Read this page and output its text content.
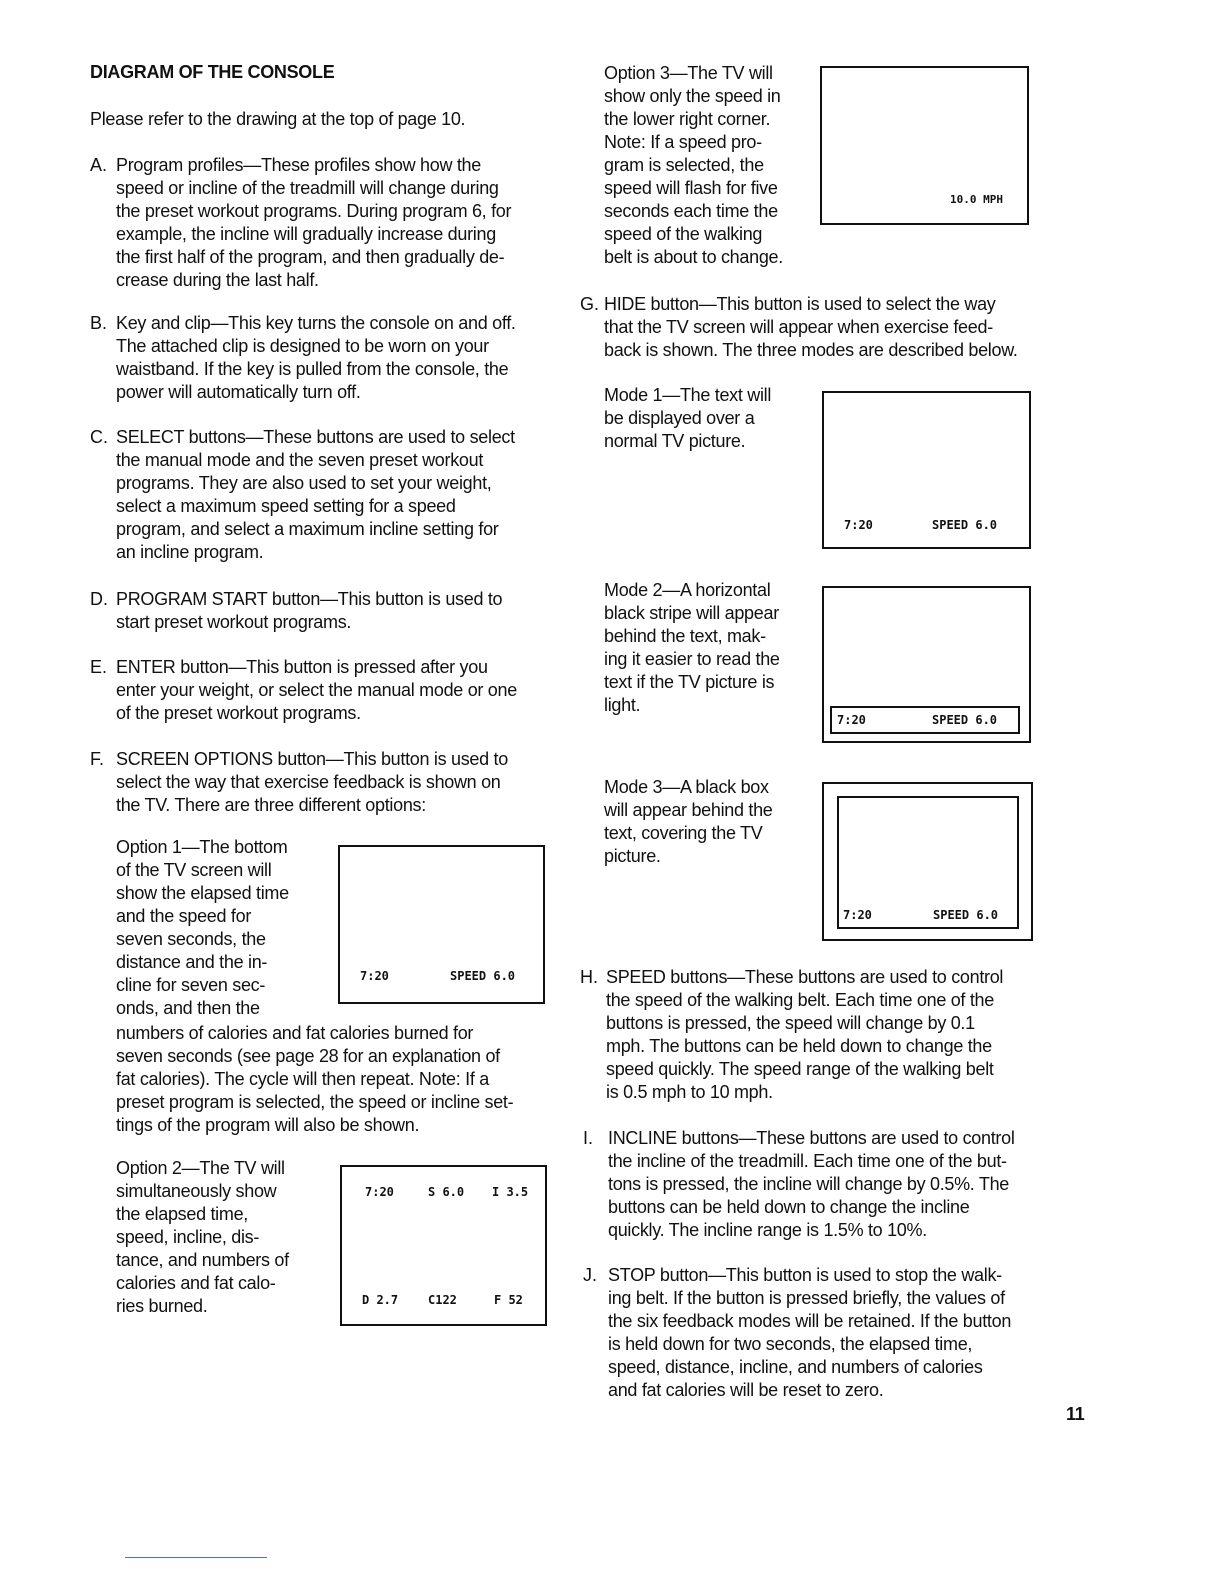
DIAGRAM OF THE CONSOLE
Please refer to the drawing at the top of page 10.
A. Program profiles—These profiles show how the
speed or incline of the treadmill will change during
the preset workout programs. During program 6, for
example, the incline will gradually increase during
the first half of the program, and then gradually de-
crease during the last half.
B. Key and clip—This key turns the console on and off.
The attached clip is designed to be worn on your
waistband. If the key is pulled from the console, the
power will automatically turn off.
C. SELECT buttons—These buttons are used to select
the manual mode and the seven preset workout
programs. They are also used to set your weight,
select a maximum speed setting for a speed
program, and select a maximum incline setting for
an incline program.
D. PROGRAM START button—This button is used to
start preset workout programs.
E. ENTER button—This button is pressed after you
enter your weight, or select the manual mode or one
of the preset workout programs.
F. SCREEN OPTIONS button—This button is used to
select the way that exercise feedback is shown on
the TV. There are three different options:
Option 1—The bottom
of the TV screen will
show the elapsed time
and the speed for
seven seconds, the
distance and the in-
cline for seven sec-
onds, and then the
numbers of calories and fat calories burned for
seven seconds (see page 28 for an explanation of
fat calories). The cycle will then repeat. Note: If a
preset program is selected, the speed or incline set-
tings of the program will also be shown.
7:20	SPEED 6.0
Option 2—The TV will
simultaneously show
the elapsed time,
speed, incline, dis-
tance, and numbers of
calories and fat calo-
ries burned.
7:20	S 6.0 I 3.5
D 2.7 C122	F 52
Option 3—The TV will
show only the speed in
the lower right corner.
Note: If a speed pro-
gram is selected, the
speed will flash for five
seconds each time the
speed of the walking
belt is about to change.
10.0 MPH
G. HIDE button—This button is used to select the way
that the TV screen will appear when exercise feed-
back is shown. The three modes are described below.
Mode 1—The text will
be displayed over a
normal TV picture.
7:20	SPEED 6.0
Mode 2—A horizontal
black stripe will appear
behind the text, mak-
ing it easier to read the
text if the TV picture is
light.
7:20	SPEED 6.0
Mode 3—A black box
will appear behind the
text, covering the TV
picture.
7:20	SPEED 6.0
H. SPEED buttons—These buttons are used to control
the speed of the walking belt. Each time one of the
buttons is pressed, the speed will change by 0.1
mph. The buttons can be held down to change the
speed quickly. The speed range of the walking belt
is 0.5 mph to 10 mph.
I. INCLINE buttons—These buttons are used to control
the incline of the treadmill. Each time one of the but-
tons is pressed, the incline will change by 0.5%. The
buttons can be held down to change the incline
quickly. The incline range is 1.5% to 10%.
J. STOP button—This button is used to stop the walk-
ing belt. If the button is pressed briefly, the values of
the six feedback modes will be retained. If the button
is held down for two seconds, the elapsed time,
speed, distance, incline, and numbers of calories
and fat calories will be reset to zero.
11
